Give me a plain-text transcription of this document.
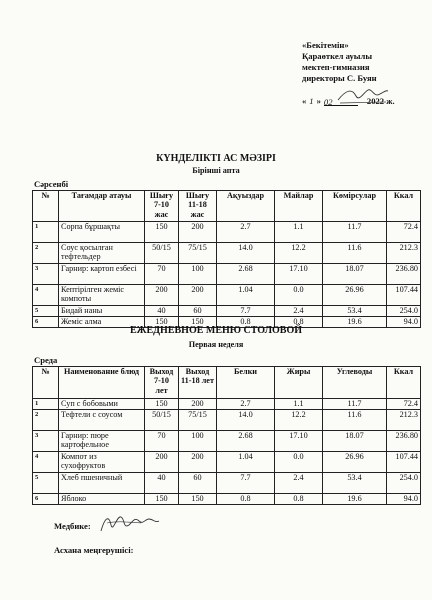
«Бекітемін»
Қараөткел ауылы
мектеп-гимназия
директоры С. Буян
« 1 » 02	2022 ж.
КҮНДЕЛІКТІ АС МӘЗІРІ
Бірінші апта
Сәрсенбі
№	Тағамдар атауы	Шығу 7-10 жас	Шығу 11-18 жас	Ақуыздар	Майлар	Көмірсулар	Ккал
1	Сорпа бұршақты	150	200	2.7	1.1	11.7	72.4
2	Соус қосылған тефтельдер	50/15	75/15	14.0	12.2	11.6	212.3
3	Гарнир: картоп езбесі	70	100	2.68	17.10	18.07	236.80
4	Кептірілген жеміс компоты	200	200	1.04	0.0	26.96	107.44
5	Бидай наны	40	60	7.7	2.4	53.4	254.0
6	Жеміс алма	150	150	0.8	0.8	19.6	94.0
ЕЖЕДНЕВНОЕ МЕНЮ СТОЛОВОЙ
Первая неделя
Среда
№	Наименование блюд	Выход 7-10 лет	Выход 11-18 лет	Белки	Жиры	Углеводы	Ккал
1	Суп с бобовыми	150	200	2.7	1.1	11.7	72.4
2	Тефтели с соусом	50/15	75/15	14.0	12.2	11.6	212.3
3	Гарнир: пюре картофельное	70	100	2.68	17.10	18.07	236.80
4	Компот из сухофруктов	200	200	1.04	0.0	26.96	107.44
5	Хлеб пшеничный	40	60	7.7	2.4	53.4	254.0
6	Яблоко	150	150	0.8	0.8	19.6	94.0
Медбике:
Асхана меңгерушісі:
